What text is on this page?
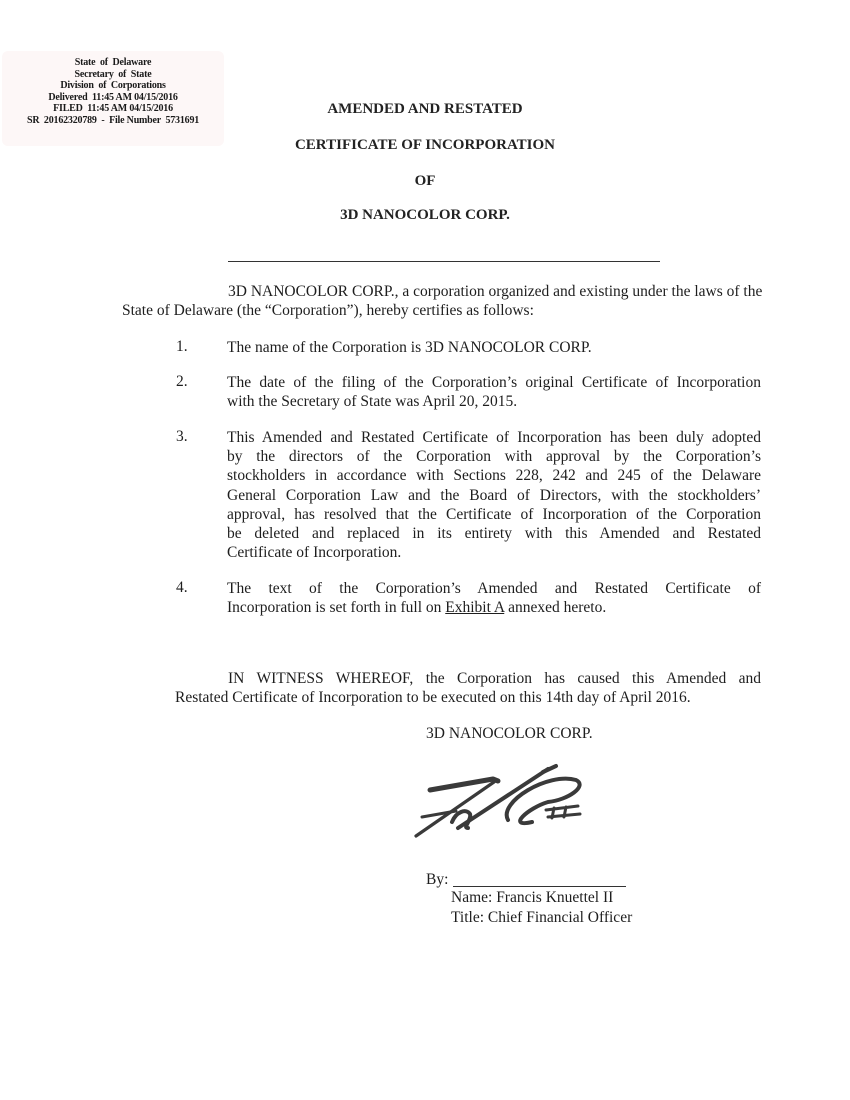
State  of  Delaware
Secretary  of  State
Division  of  Corporations
Delivered  11:45 AM 04/15/2016
FILED  11:45 AM 04/15/2016
SR  20162320789  -  File Number  5731691
AMENDED AND RESTATED
CERTIFICATE OF INCORPORATION
OF
3D NANOCOLOR CORP.
3D NANOCOLOR CORP., a corporation organized and existing under the laws of the
State of Delaware (the “Corporation”), hereby certifies as follows:
1.	The name of the Corporation is 3D NANOCOLOR CORP.
2.	The date of the filing of the Corporation’s original Certificate of Incorporation
with the Secretary of State was April 20, 2015.
3.	This Amended and Restated Certificate of Incorporation has been duly adopted
by the directors of the Corporation with approval by the Corporation’s
stockholders in accordance with Sections 228, 242 and 245 of the Delaware
General Corporation Law and the Board of Directors, with the stockholders’
approval, has resolved that the Certificate of Incorporation of the Corporation
be deleted and replaced in its entirety with this Amended and Restated
Certificate of Incorporation.
4.	The text of the Corporation’s Amended and Restated Certificate of
Incorporation is set forth in full on Exhibit A annexed hereto.
IN WITNESS WHEREOF, the Corporation has caused this Amended and
Restated Certificate of Incorporation to be executed on this 14th day of April 2016.
3D NANOCOLOR CORP.
By:
Name: Francis Knuettel II
Title: Chief Financial Officer
